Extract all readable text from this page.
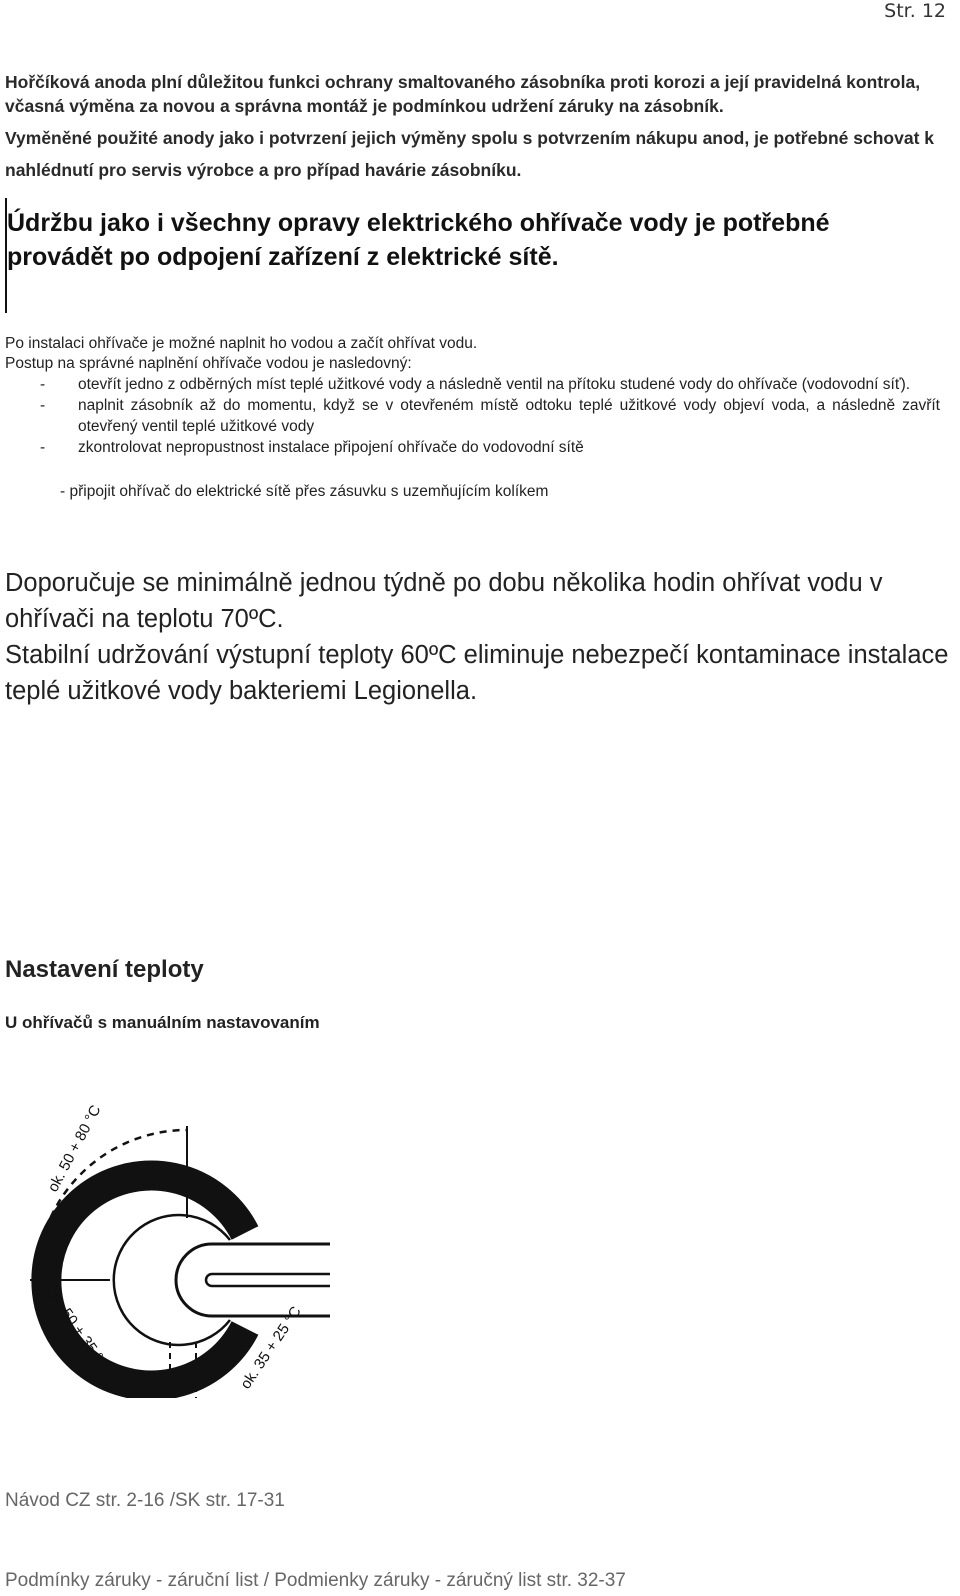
Str. 12
Hořčíková anoda plní důležitou funkci ochrany smaltovaného zásobníka proti korozi a její pravidelná kontrola, včasná výměna za novou a správna montáž je podmínkou udržení záruky na zásobník.
Vyměněné použité anody jako i potvrzení jejich výměny spolu s potvrzením nákupu anod, je potřebné schovat k nahlédnutí pro servis výrobce a pro případ havárie zásobníku.
Údržbu jako i všechny opravy elektrického ohřívače vody je potřebné provádět po odpojení zařízení z elektrické sítě.
Po instalaci ohřívače je možné naplnit ho vodou a začít ohřívat vodu.
Postup na správné naplnění ohřívače vodou je nasledovný:
- otevřít jedno z odběrných míst teplé užitkové vody a následně ventil na přítoku studené vody do ohřívače (vodovodní síť).
- naplnit zásobník až do momentu, když se v otevřeném místě odtoku teplé užitkové vody objeví voda, a následně zavřít otevřený ventil teplé užitkové vody
- zkontrolovat nepropustnost instalace připojení ohřívače do vodovodní sítě
- připojit ohřívač do elektrické sítě přes zásuvku s uzemňujícím kolíkem
Doporučuje se minimálně jednou týdně po dobu několika hodin ohřívat vodu v ohřívači na teplotu 70ºC.
Stabilní udržování výstupní teploty 60ºC eliminuje nebezpečí kontaminace instalace teplé užitkové vody bakteriemi Legionella.
Nastavení teploty
U ohřívačů s manuálním nastavovaním
ok. 50 + 80 °C
ok. 50 + 35 °C	ok. 35 + 25 °C
Návod CZ str. 2-16 /SK str. 17-31
Podmínky záruky - záruční list / Podmienky záruky - záručný list str. 32-37
